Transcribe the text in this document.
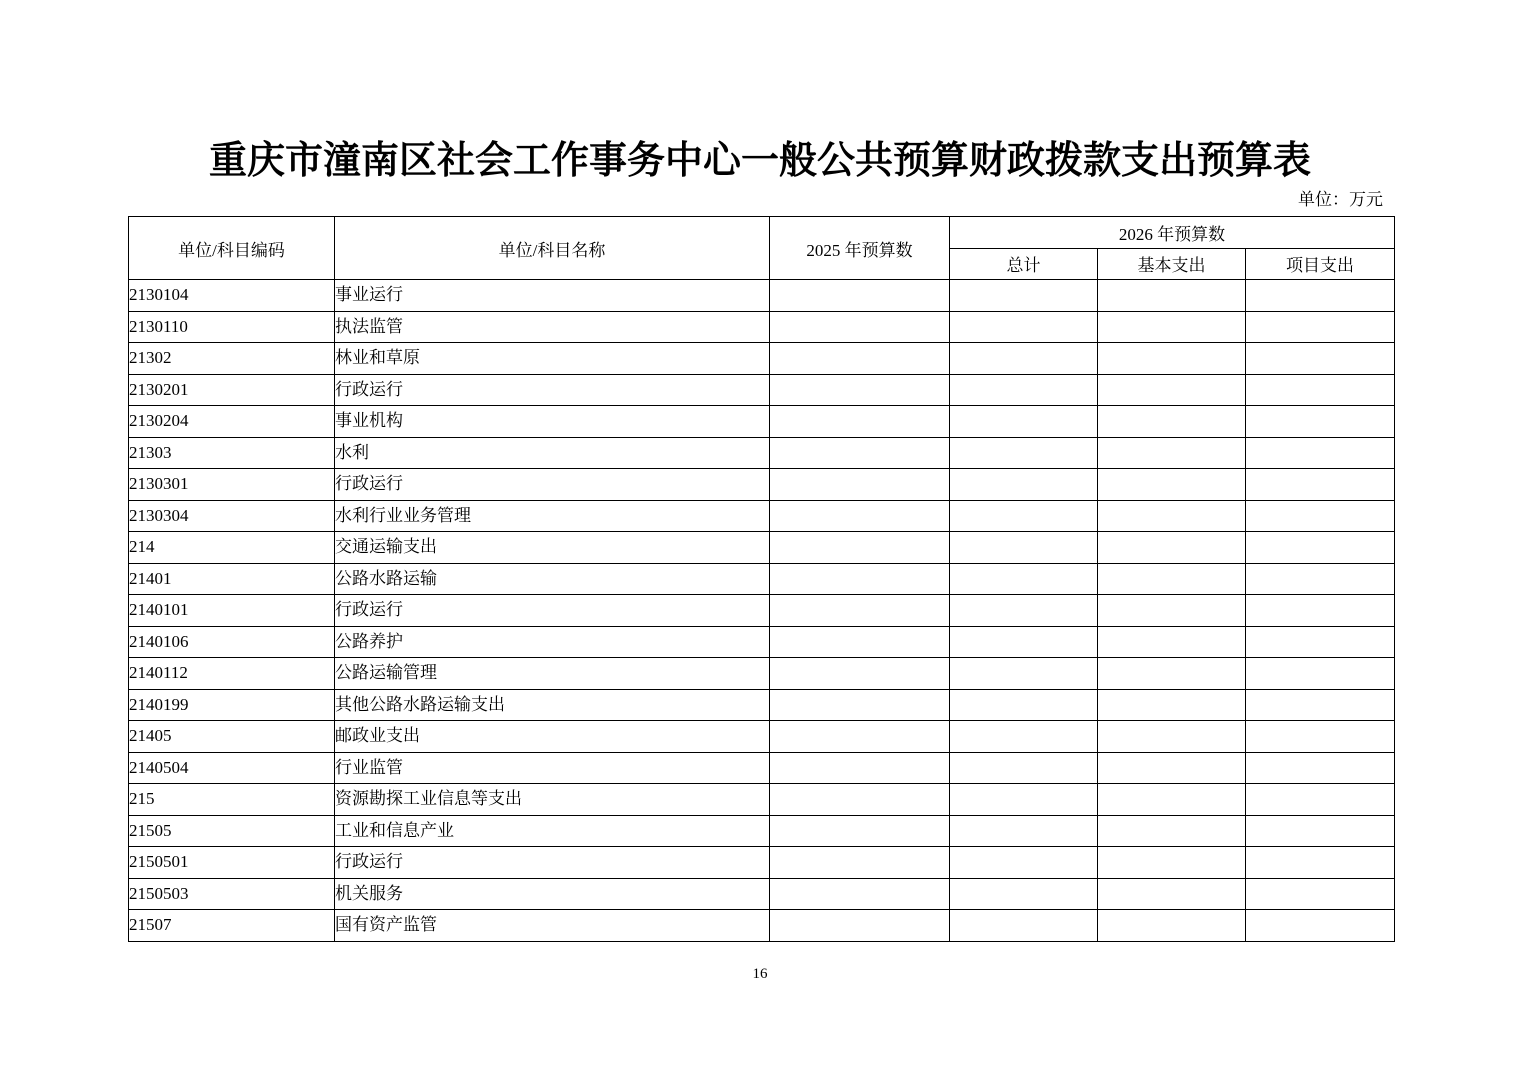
重庆市潼南区社会工作事务中心一般公共预算财政拨款支出预算表
单位：万元
单位/科目编码	单位/科目名称	2025 年预算数	2026 年预算数		
			总计	基本支出	项目支出
2130104	事业运行				
2130110	执法监管				
21302	林业和草原				
2130201	行政运行				
2130204	事业机构				
21303	水利				
2130301	行政运行				
2130304	水利行业业务管理				
214	交通运输支出				
21401	公路水路运输				
2140101	行政运行				
2140106	公路养护				
2140112	公路运输管理				
2140199	其他公路水路运输支出				
21405	邮政业支出				
2140504	行业监管				
215	资源勘探工业信息等支出				
21505	工业和信息产业				
2150501	行政运行				
2150503	机关服务				
21507	国有资产监管				
16
